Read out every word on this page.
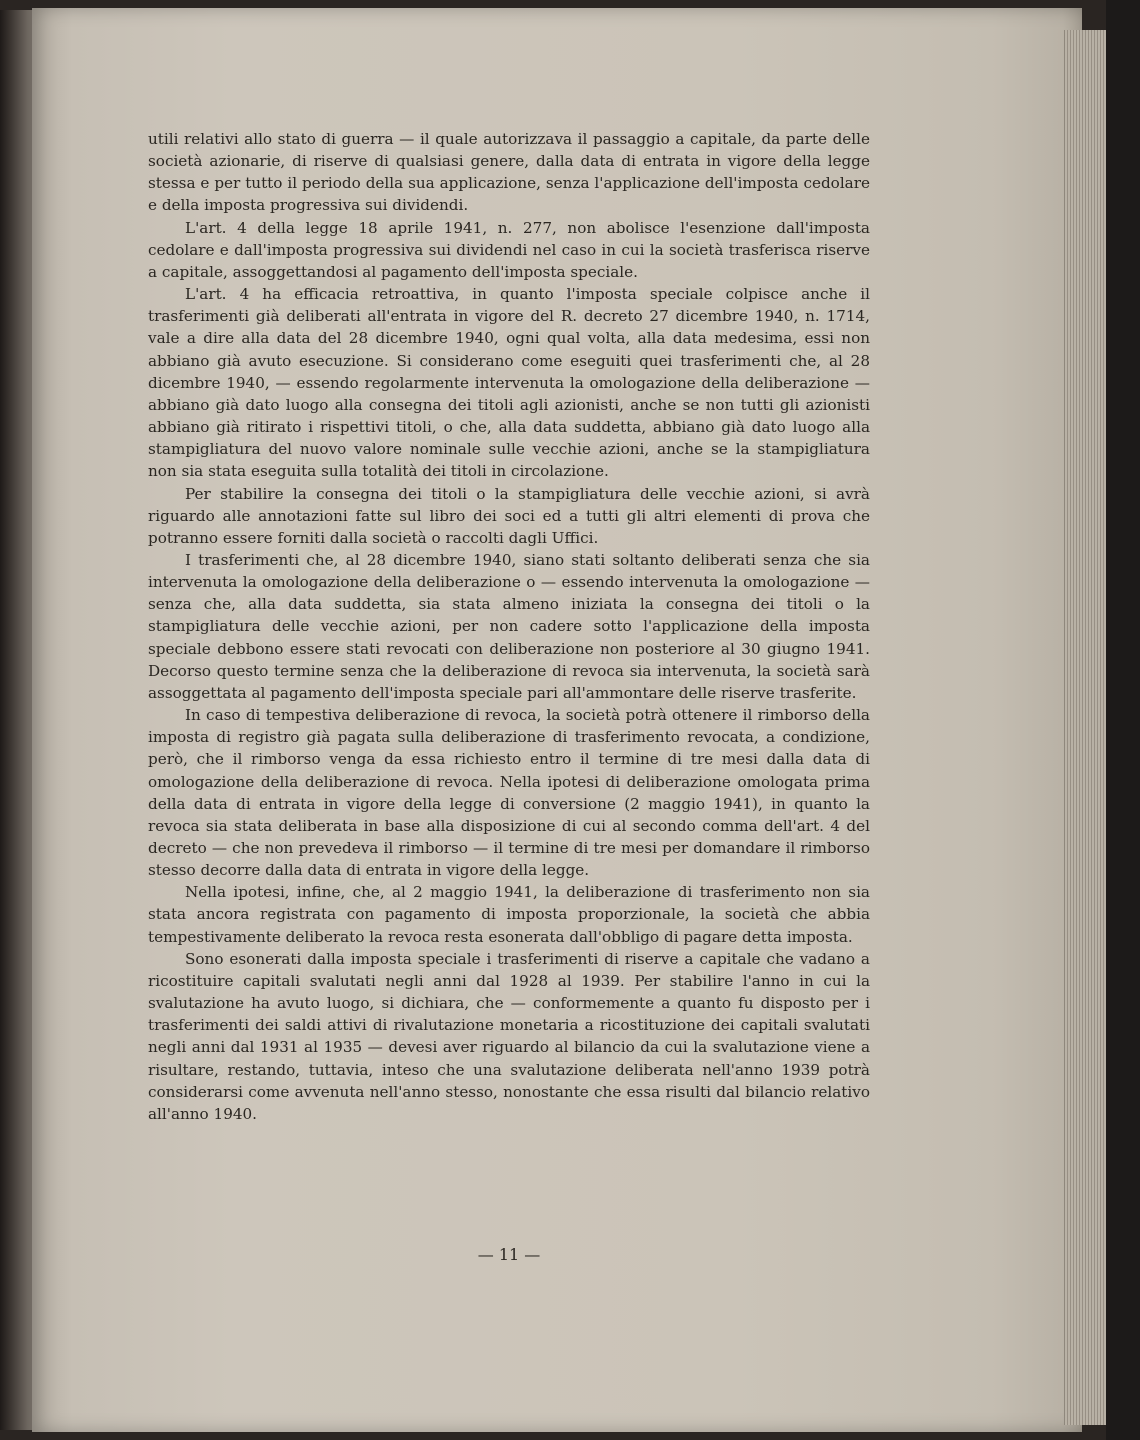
utili relativi allo stato di guerra — il quale autorizzava il passaggio a capitale, da parte delle società azionarie, di riserve di qualsiasi genere, dalla data di entrata in vigore della legge stessa e per tutto il periodo della sua applicazione, senza l'applicazione dell'imposta cedolare e della imposta progressiva sui dividendi.

L'art. 4 della legge 18 aprile 1941, n. 277, non abolisce l'esenzione dall'imposta cedolare e dall'imposta progressiva sui dividendi nel caso in cui la società trasferisca riserve a capitale, assoggettandosi al pagamento dell'imposta speciale.

L'art. 4 ha efficacia retroattiva, in quanto l'imposta speciale colpisce anche il trasferimenti già deliberati all'entrata in vigore del R. decreto 27 dicembre 1940, n. 1714, vale a dire alla data del 28 dicembre 1940, ogni qual volta, alla data medesima, essi non abbiano già avuto esecuzione. Si considerano come eseguiti quei trasferimenti che, al 28 dicembre 1940, — essendo regolarmente intervenuta la omologazione della deliberazione — abbiano già dato luogo alla consegna dei titoli agli azionisti, anche se non tutti gli azionisti abbiano già ritirato i rispettivi titoli, o che, alla data suddetta, abbiano già dato luogo alla stampigliatura del nuovo valore nominale sulle vecchie azioni, anche se la stampigliatura non sia stata eseguita sulla totalità dei titoli in circolazione.

Per stabilire la consegna dei titoli o la stampigliatura delle vecchie azioni, si avrà riguardo alle annotazioni fatte sul libro dei soci ed a tutti gli altri elementi di prova che potranno essere forniti dalla società o raccolti dagli Uffici.

I trasferimenti che, al 28 dicembre 1940, siano stati soltanto deliberati senza che sia intervenuta la omologazione della deliberazione o — essendo intervenuta la omologazione — senza che, alla data suddetta, sia stata almeno iniziata la consegna dei titoli o la stampigliatura delle vecchie azioni, per non cadere sotto l'applicazione della imposta speciale debbono essere stati revocati con deliberazione non posteriore al 30 giugno 1941. Decorso questo termine senza che la deliberazione di revoca sia intervenuta, la società sarà assoggettata al pagamento dell'imposta speciale pari all'ammontare delle riserve trasferite.

In caso di tempestiva deliberazione di revoca, la società potrà ottenere il rimborso della imposta di registro già pagata sulla deliberazione di trasferimento revocata, a condizione, però, che il rimborso venga da essa richiesto entro il termine di tre mesi dalla data di omologazione della deliberazione di revoca. Nella ipotesi di deliberazione omologata prima della data di entrata in vigore della legge di conversione (2 maggio 1941), in quanto la revoca sia stata deliberata in base alla disposizione di cui al secondo comma dell'art. 4 del decreto — che non prevedeva il rimborso — il termine di tre mesi per domandare il rimborso stesso decorre dalla data di entrata in vigore della legge.

Nella ipotesi, infine, che, al 2 maggio 1941, la deliberazione di trasferimento non sia stata ancora registrata con pagamento di imposta proporzionale, la società che abbia tempestivamente deliberato la revoca resta esonerata dall'obbligo di pagare detta imposta.

Sono esonerati dalla imposta speciale i trasferimenti di riserve a capitale che vadano a ricostituire capitali svalutati negli anni dal 1928 al 1939. Per stabilire l'anno in cui la svalutazione ha avuto luogo, si dichiara, che — conformemente a quanto fu disposto per i trasferimenti dei saldi attivi di rivalutazione monetaria a ricostituzione dei capitali svalutati negli anni dal 1931 al 1935 — devesi aver riguardo al bilancio da cui la svalutazione viene a risultare, restando, tuttavia, inteso che una svalutazione deliberata nell'anno 1939 potrà considerarsi come avvenuta nell'anno stesso, nonostante che essa risulti dal bilancio relativo all'anno 1940.

— 11 —
